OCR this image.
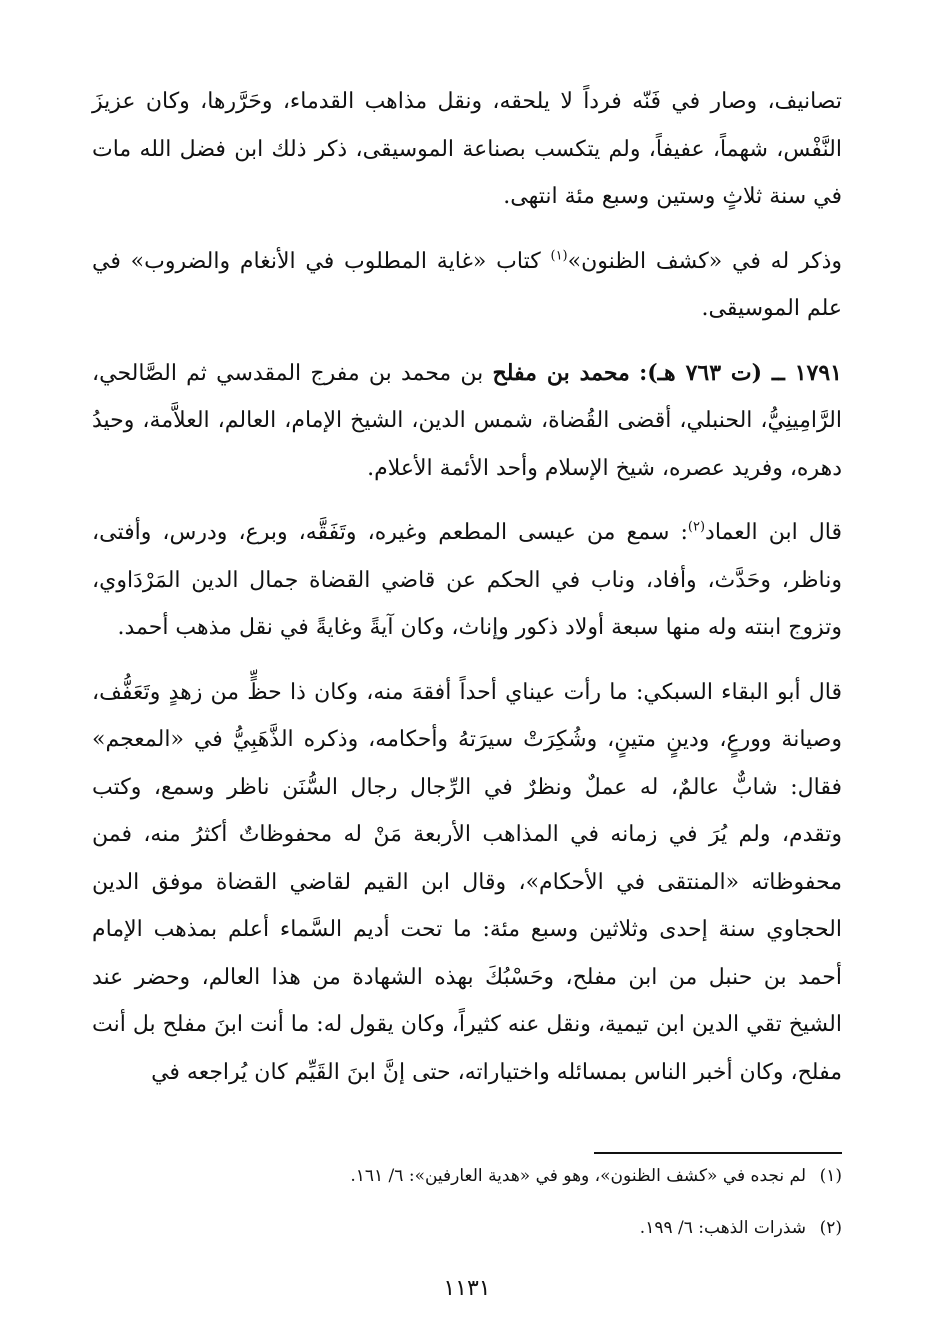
تصانيف، وصار في فَنّه فرداً لا يلحقه، ونقل مذاهب القدماء، وحَرَّرها، وكان عزيزَ النَّفْس، شهماً، عفيفاً، ولم يتكسب بصناعة الموسيقى، ذكر ذلك ابن فضل الله مات في سنة ثلاثٍ وستين وسبع مئة انتهى.

وذكر له في «كشف الظنون»$^{(١)}$ كتاب «غاية المطلوب في الأنغام والضروب» في علم الموسيقى.

١٧٩١ ــ (ت ٧٦٣ هـ): محمد بن مفلح بن محمد بن مفرج المقدسي ثم الصَّالحي، الرَّامِينِيُّ، الحنبلي، أقضى القُضاة، شمس الدين، الشيخ الإمام، العالم، العلاَّمة، وحيدُ دهره، وفريد عصره، شيخ الإسلام وأحد الأئمة الأعلام.

قال ابن العماد$^{(٢)}$: سمع من عيسى المطعم وغيره، وتَفَقَّه، وبرع، ودرس، وأفتى، وناظر، وحَدَّث، وأفاد، وناب في الحكم عن قاضي القضاة جمال الدين المَرْدَاوي، وتزوج ابنته وله منها سبعة أولاد ذكور وإناث، وكان آيةً وغايةً في نقل مذهب أحمد.

قال أبو البقاء السبكي: ما رأت عيناي أحداً أفقهَ منه، وكان ذا حظٍّ من زهدٍ وتَعَفُّف، وصيانة وورعٍ، ودينٍ متينٍ، وشُكِرَتْ سيرَتهُ وأحكامه، وذكره الذَّهَبِيُّ في «المعجم» فقال: شابٌّ عالمٌ، له عملٌ ونظرٌ في الرِّجال رجال السُّنَن ناظر وسمع، وكتب وتقدم، ولم يُرَ في زمانه في المذاهب الأربعة مَنْ له محفوظاتٌ أكثرُ منه، فمن محفوظاته «المنتقى في الأحكام»، وقال ابن القيم لقاضي القضاة موفق الدين الحجاوي سنة إحدى وثلاثين وسبع مئة: ما تحت أديم السَّماء أعلم بمذهب الإمام أحمد بن حنبل من ابن مفلح، وحَسْبُكَ بهذه الشهادة من هذا العالم، وحضر عند الشيخ تقي الدين ابن تيمية، ونقل عنه كثيراً، وكان يقول له: ما أنت ابنَ مفلح بل أنت مفلح، وكان أخبر الناس بمسائله واختياراته، حتى إنَّ ابنَ القَيِّم كان يُراجعه في

(١)
لم نجده في «كشف الظنون»، وهو في «هدية العارفين»: ٦/ ١٦١.
(٢)
شذرات الذهب: ٦/ ١٩٩.
١١٣١
